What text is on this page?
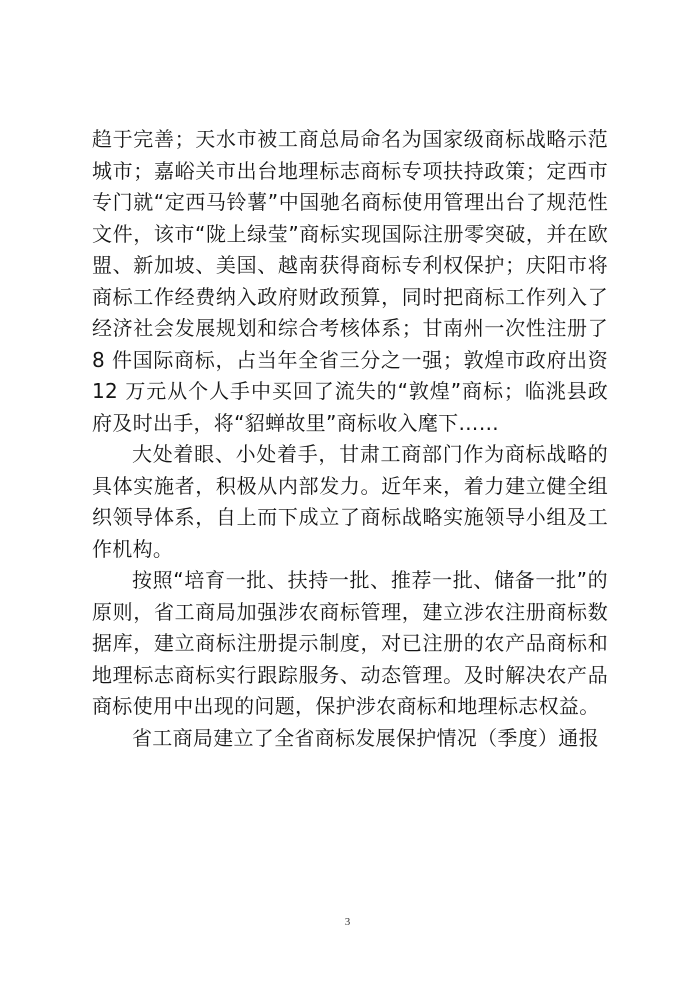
趋于完善；天水市被工商总局命名为国家级商标战略示范城市；嘉峪关市出台地理标志商标专项扶持政策；定西市专门就“定西马铃薯”中国驰名商标使用管理出台了规范性文件，该市“陇上绿莹”商标实现国际注册零突破，并在欧盟、新加坡、美国、越南获得商标专利权保护；庆阳市将商标工作经费纳入政府财政预算，同时把商标工作列入了经济社会发展规划和综合考核体系；甘南州一次性注册了 8 件国际商标，占当年全省三分之一强；敦煌市政府出资 12 万元从个人手中买回了流失的“敦煌”商标；临洮县政府及时出手，将“貂蝉故里”商标收入麾下……

大处着眼、小处着手，甘肃工商部门作为商标战略的具体实施者，积极从内部发力。近年来，着力建立健全组织领导体系，自上而下成立了商标战略实施领导小组及工作机构。

按照“培育一批、扶持一批、推荐一批、储备一批”的原则，省工商局加强涉农商标管理，建立涉农注册商标数据库，建立商标注册提示制度，对已注册的农产品商标和地理标志商标实行跟踪服务、动态管理。及时解决农产品商标使用中出现的问题，保护涉农商标和地理标志权益。

省工商局建立了全省商标发展保护情况（季度）通报

3
